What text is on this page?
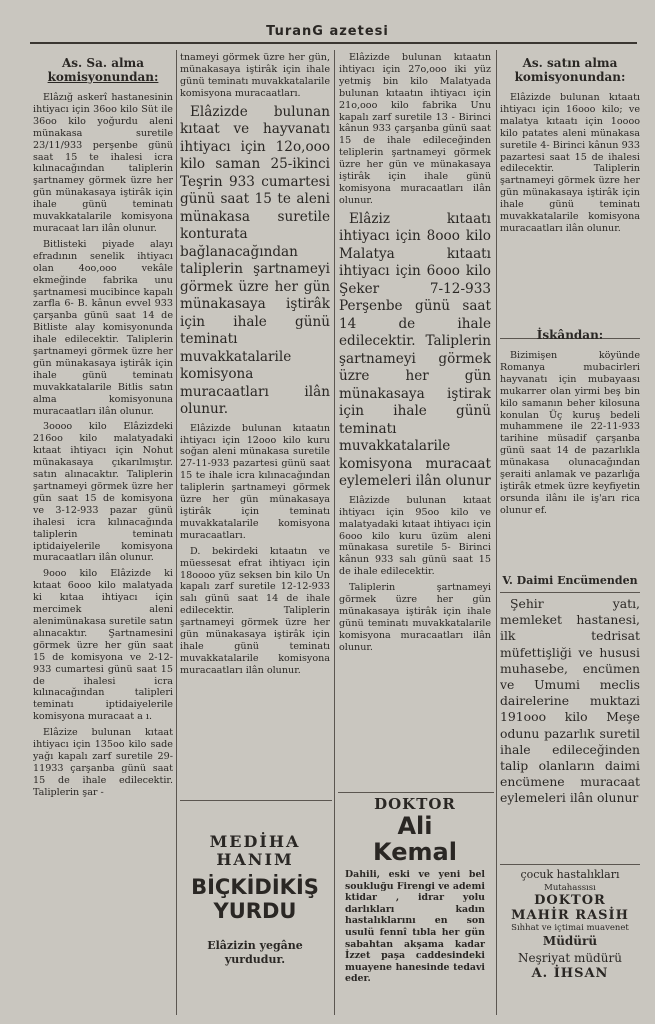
TuranG azetesi
As. Sa. alma
komisyonundan:

Elâzığ askerî hastanesinin ihtiyacı için 36oo kilo Süt ile 36oo kilo yoğurdu aleni münakasa suretile 23/11/933 perşenbe günü saat 15 te ihalesi icra kılınacağından taliplerin şartnamey görmek üzre her gün münakasaya iştirâk için ihale günü teminatı muvakkatalarile komisyona muracaat ları ilân olunur.

Bitlisteki piyade alayı efradının senelik ihtiyacı olan 4oo,ooo vekâle ekmeğinde fabrika unu şartnamesi mucibince kapalı zarfla 6- B. kânun evvel 933 çarşanba günü saat 14 de Bitliste alay komisyonunda ihale edilecektir. Taliplerin şartnameyi görmek üzre her gün münakasaya iştirâk için ihale günü teminatı muvakkatalarile Bitlis satın alma komisyonuna muracaatları ilân olunur.

3oooo kilo Elâzizdeki 216oo kilo malatyadaki kıtaat ihtiyacı için Nohut münakasaya çıkarılmıştır. satın alınacaktır. Taliplerin şartnameyi görmek üzre her gün saat 15 de komisyona ve 3-12-933 pazar günü ihalesi icra kılınacağında taliplerin teminatı iptidaiyelerile komisyona muracaatları ilân olunur.

9ooo kilo Elâzizde ki kıtaat 6ooo kilo malatyada ki kıtaa ihtiyacı için mercimek aleni alenimünakasa suretile satın alınacaktır. Şartnamesini görmek üzre her gün saat 15 de komisyona ve 2-12-933 cumartesi günü saat 15 de ihalesi icra kılınacağından talipleri teminatı iptidaiyelerile komisyona muracaat a ı.

Elâzize bulunan kıtaat ihtiyacı için 135oo kilo sade yağı kapalı zarf suretile 29-11933 çarşanba günü saat 15 de ihale edilecektir. Taliplerin şar -

tnameyi görmek üzre her gün, münakasaya iştirâk için ihale günü teminatı muvakkatalarile komisyona muracaatları.

Elâzizde bulunan kıtaat ve hayvanatı ihtiyacı için 12o,ooo kilo saman 25-ikinci Teşrin 933 cumartesi günü saat 15 te aleni münakasa suretile konturata bağlanacağından taliplerin şartnameyi görmek üzre her gün münakasaya iştirâk için ihale günü teminatı muvakkatalarile komisyona muracaatları ilân olunur.

Elâzizde bulunan kıtaatın ihtiyacı için 12ooo kilo kuru soğan aleni münakasa suretile 27-11-933 pazartesi günü saat 15 te ihale icra kılınacağından taliplerin şartnameyi görmek üzre her gün münakasaya iştirâk için teminatı muvakkatalarile komisyona muracaatları.

D. bekirdeki kıtaatın ve müessesat efrat ihtiyacı için 18oooo yüz seksen bin kilo Un kapalı zarf suretile 12-12-933 salı günü saat 14 de ihale edilecektir. Taliplerin şartnameyi görmek üzre her gün münakasaya iştirâk için ihale günü teminatı muvakkatalarile komisyona muracaatları ilân olunur.

Elâzizde bulunan kıtaatın ihtiyacı için 27o,ooo iki yüz yetmiş bin kilo Malatyada bulunan kıtaatın ihtiyacı için 21o,ooo kilo fabrika Unu kapalı zarf suretile 13 - Birinci kânun 933 çarşanba günü saat 15 de ihale edileceğinden teliplerin şartnameyi görmek üzre her gün ve münakasaya iştirâk için ihale günü komisyona muracaatları ilân olunur.

Elâziz kıtaatı ihtiyacı için 8ooo kilo Malatya kıtaatı ihtiyacı için 6ooo kilo Şeker 7-12-933 Perşenbe günü saat 14 de ihale edilecektir. Taliplerin şartnameyi görmek üzre her gün münakasaya iştirak için ihale günü teminatı muvakkatalarile komisyona muracaat eylemeleri ilân olunur

Elâzizde bulunan kıtaat ihtiyacı için 95oo kilo ve malatyadaki kıtaat ihtiyacı için 6ooo kilo kuru üzüm aleni münakasa suretile 5- Birinci kânun 933 salı günü saat 15 de ihale edilecektir.

Taliplerin şartnameyi görmek üzre her gün münakasaya iştirâk için ihale günü teminatı muvakkatalarile komisyona muracaatları ilân olunur.

As. satın alma
komisyonundan:

Elâzizde bulunan kıtaatı ihtiyacı için 16ooo kilo; ve malatya kıtaatı için 1oooo kilo patates aleni münakasa suretile 4- Birinci kânun 933 pazartesi saat 15 de ihalesi edilecektir. Taliplerin şartnameyi görmek üzre her gün münakasaya iştirâk için ihale günü teminatı muvakkatalarile komisyona muracaatları ilân olunur.

İskândan:

Bizimişen köyünde Romanya mubacirleri hayvanatı için mubayaası mukarrer olan yirmi beş bin kilo samanın beher kilosuna konulan Üç kuruş bedeli muhammene ile 22-11-933 tarihine müsadif çarşanba günü saat 14 de pazarlıkla münakasa olunacağından şeraiti anlamak ve pazarlığa iştirâk etmek üzre keyfiyetin orsunda ilânı ile iş'arı rica olunur ef.

V. Daimi Encümenden

Şehir yatı, memleket hastanesi, ilk tedrisat müfettişliği ve hususi muhasebe, encümen ve Umumi meclis dairelerine muktazi 191ooo kilo Meşe odunu pazarlık suretil ihale edileceğinden talip olanların daimi encümene muracaat eylemeleri ilân olunur

MEDİHA
HANIM
BİÇKİDİKİŞ
YURDU
Elâzizin yegâne
yurdudur.
DOKTOR
Ali
Kemal
Dahili, eski ve yeni bel soukluğu Firengi ve ademi ktidar , idrar yolu darlıkları kadın hastalıklarını en son usulü fennî tıbla her gün sabahtan akşama kadar İzzet paşa caddesindeki muayene hanesinde tedavi eder.
çocuk hastalıkları
Mutahassısı
DOKTOR
MAHİR RASİH
Sıhhat ve içtimai muavenet
Müdürü
Neşriyat müdürü
A. İHSAN
